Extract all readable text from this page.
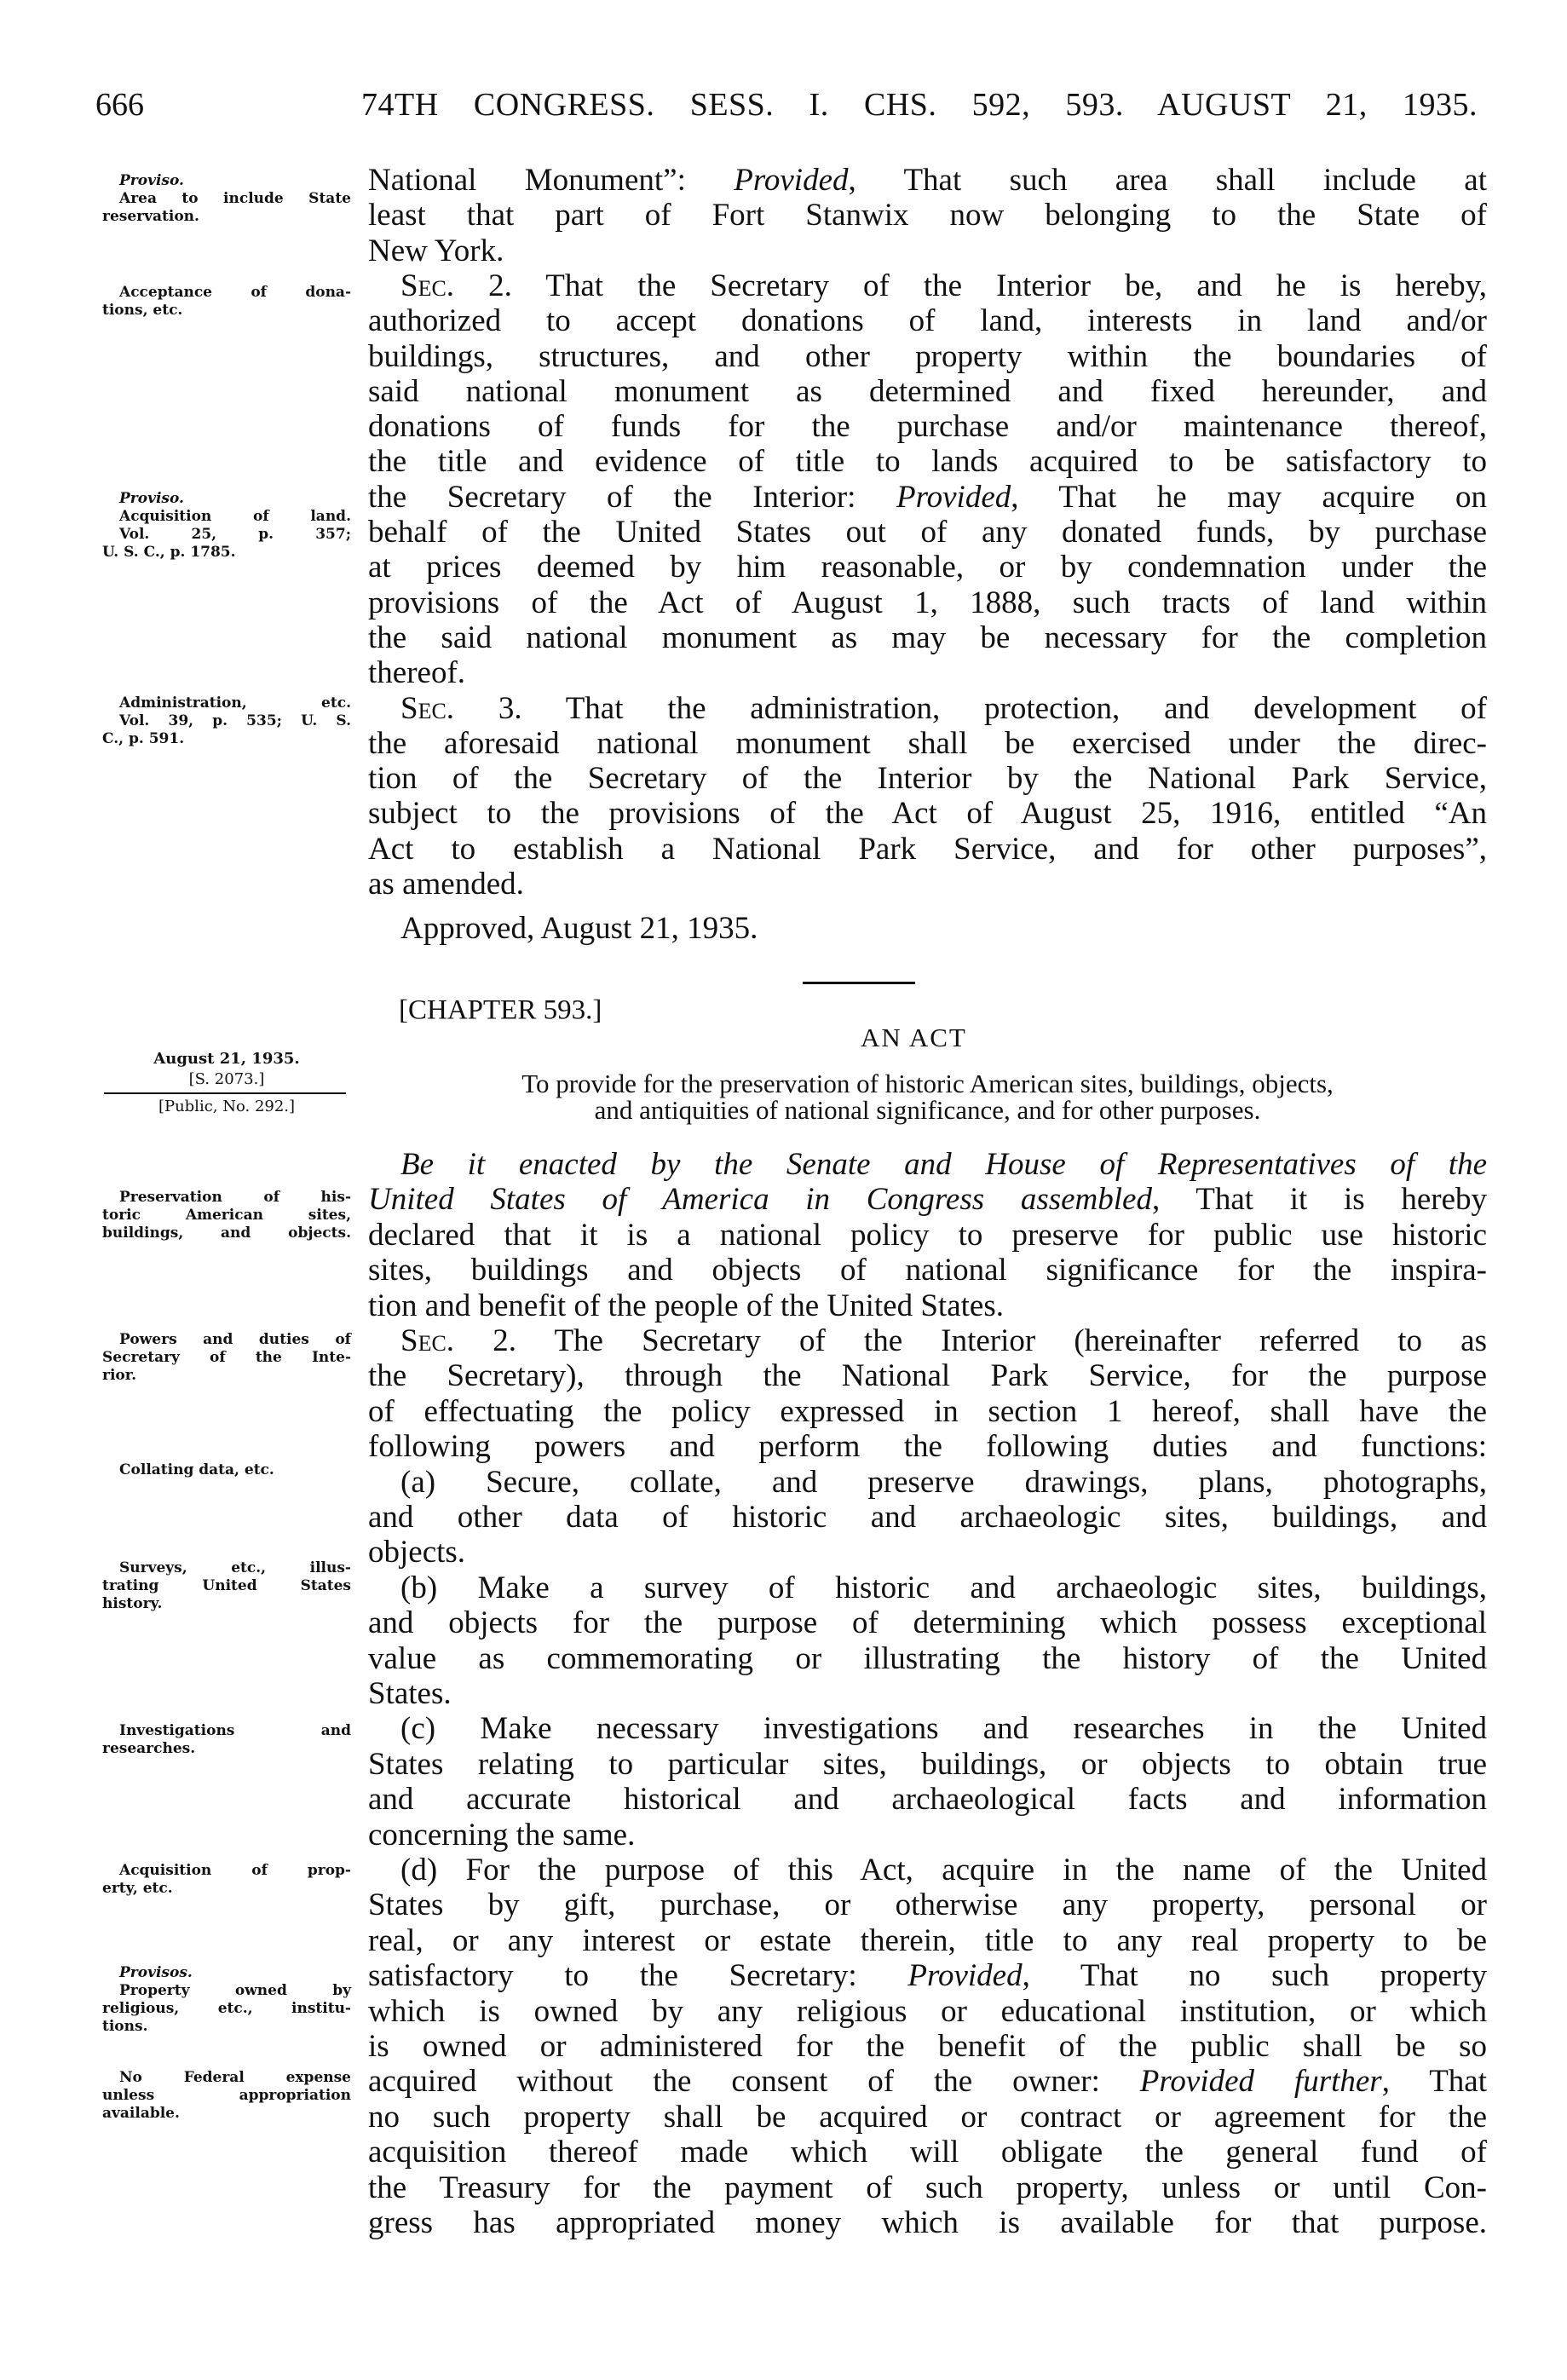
666	74TH CONGRESS. SESS. I. CHS. 592, 593. AUGUST 21, 1935.
National Monument”: Provided, That such area shall include at
least that part of Fort Stanwix now belonging to the State of
New York.
Sec. 2. That the Secretary of the Interior be, and he is hereby,
authorized to accept donations of land, interests in land and/or
buildings, structures, and other property within the boundaries of
said national monument as determined and fixed hereunder, and
donations of funds for the purchase and/or maintenance thereof,
the title and evidence of title to lands acquired to be satisfactory to
the Secretary of the Interior: Provided, That he may acquire on
behalf of the United States out of any donated funds, by purchase
at prices deemed by him reasonable, or by condemnation under the
provisions of the Act of August 1, 1888, such tracts of land within
the said national monument as may be necessary for the completion
thereof.
Sec. 3. That the administration, protection, and development of
the aforesaid national monument shall be exercised under the direc-
tion of the Secretary of the Interior by the National Park Service,
subject to the provisions of the Act of August 25, 1916, entitled “An
Act to establish a National Park Service, and for other purposes”,
as amended.
Approved, August 21, 1935.
[CHAPTER 593.]
AN ACT
To provide for the preservation of historic American sites, buildings, objects,
and antiquities of national significance, and for other purposes.
Be it enacted by the Senate and House of Representatives of the
United States of America in Congress assembled, That it is hereby
declared that it is a national policy to preserve for public use historic
sites, buildings and objects of national significance for the inspira-
tion and benefit of the people of the United States.
Sec. 2. The Secretary of the Interior (hereinafter referred to as
the Secretary), through the National Park Service, for the purpose
of effectuating the policy expressed in section 1 hereof, shall have the
following powers and perform the following duties and functions:
(a) Secure, collate, and preserve drawings, plans, photographs,
and other data of historic and archaeologic sites, buildings, and
objects.
(b) Make a survey of historic and archaeologic sites, buildings,
and objects for the purpose of determining which possess exceptional
value as commemorating or illustrating the history of the United
States.
(c) Make necessary investigations and researches in the United
States relating to particular sites, buildings, or objects to obtain true
and accurate historical and archaeological facts and information
concerning the same.
(d) For the purpose of this Act, acquire in the name of the United
States by gift, purchase, or otherwise any property, personal or
real, or any interest or estate therein, title to any real property to be
satisfactory to the Secretary: Provided, That no such property
which is owned by any religious or educational institution, or which
is owned or administered for the benefit of the public shall be so
acquired without the consent of the owner: Provided further, That
no such property shall be acquired or contract or agreement for the
acquisition thereof made which will obligate the general fund of
the Treasury for the payment of such property, unless or until Con-
gress has appropriated money which is available for that purpose.
Proviso.
Area to include State
reservation.
Acceptance of dona-
tions, etc.
Proviso.
Acquisition of land.
Vol. 25, p. 357;
U. S. C., p. 1785.
Administration, etc.
Vol. 39, p. 535; U. S.
C., p. 591.
August 21, 1935.
[S. 2073.]
[Public, No. 292.]
Preservation of his-
toric American sites,
buildings, and objects.
Powers and duties of
Secretary of the Inte-
rior.
Collating data, etc.
Surveys, etc., illus-
trating United States
history.
Investigations and
researches.
Acquisition of prop-
erty, etc.
Provisos.
Property owned by
religious, etc., institu-
tions.
No Federal expense
unless appropriation
available.
